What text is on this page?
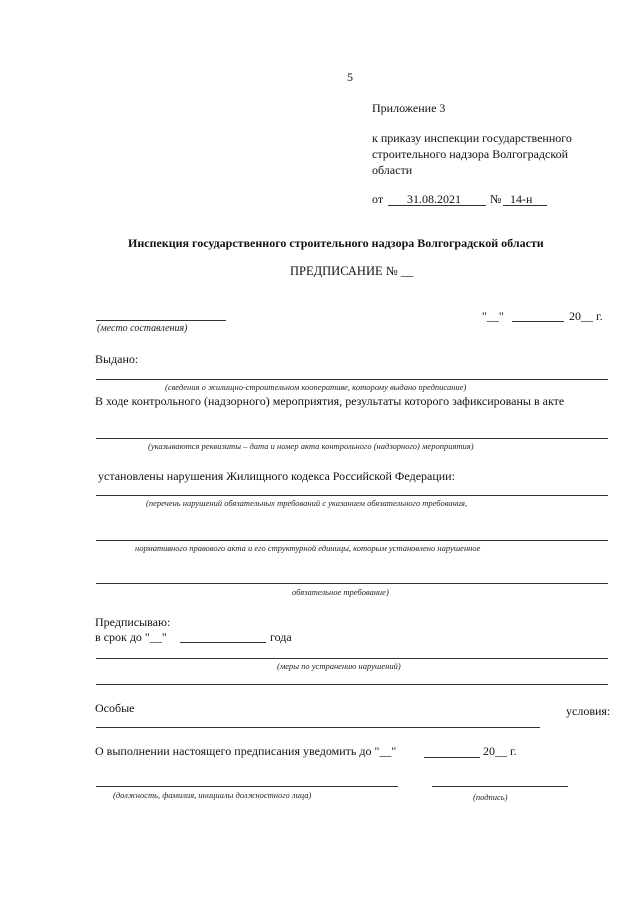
5
Приложение 3
к приказу инспекции государственного
строительного надзора Волгоградской
области
от 31.08.2021 № 14-н
Инспекция государственного строительного надзора Волгоградской области
ПРЕДПИСАНИЕ № __
(место составления)
"__"	20__ г.
Выдано:
(сведения о жилищно-строительном кооперативе, которому выдано предписание)
В ходе контрольного (надзорного) мероприятия, результаты которого зафиксированы в акте
(указываются реквизиты – дата и номер акта контрольного (надзорного) мероприятия)
установлены нарушения Жилищного кодекса Российской Федерации:
(перечень нарушений обязательных требований с указанием обязательного требования,
нормативного правового акта и его структурной единицы, которым установлено нарушенное
обязательное требование)
Предписываю:
в срок до "__"	года
(меры по устранению нарушений)
Особые	условия:
О выполнении настоящего предписания уведомить до "__"	20__ г.
(должность, фамилия, инициалы должностного лица)	(подпись)
